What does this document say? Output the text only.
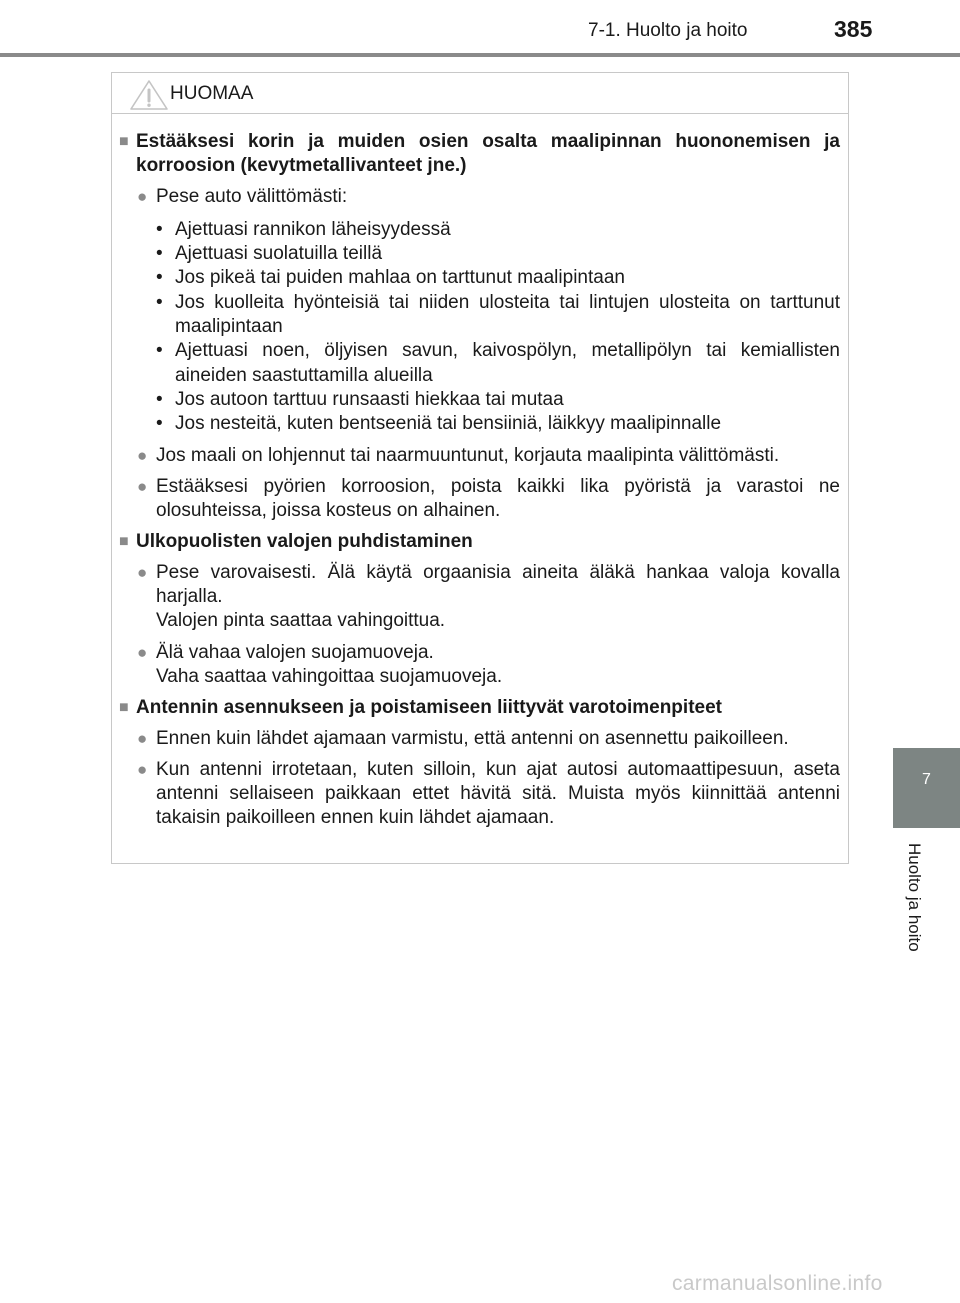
7-1. Huolto ja hoito	385
7
Huolto ja hoito
HUOMAA
■ Estääksesi korin ja muiden osien osalta maalipinnan huononemisen ja korroosion (kevytmetallivanteet jne.)
● Pese auto välittömästi:
• Ajettuasi rannikon läheisyydessä
• Ajettuasi suolatuilla teillä
• Jos pikeä tai puiden mahlaa on tarttunut maalipintaan
• Jos kuolleita hyönteisiä tai niiden ulosteita tai lintujen ulosteita on tarttunut maalipintaan
• Ajettuasi noen, öljyisen savun, kaivospölyn, metallipölyn tai kemiallisten aineiden saastuttamilla alueilla
• Jos autoon tarttuu runsaasti hiekkaa tai mutaa
• Jos nesteitä, kuten bentseeniä tai bensiiniä, läikkyy maalipinnalle
● Jos maali on lohjennut tai naarmuuntunut, korjauta maalipinta välittömästi.
● Estääksesi pyörien korroosion, poista kaikki lika pyöristä ja varastoi ne olosuhteissa, joissa kosteus on alhainen.
■ Ulkopuolisten valojen puhdistaminen
● Pese varovaisesti. Älä käytä orgaanisia aineita äläkä hankaa valoja kovalla harjalla.
Valojen pinta saattaa vahingoittua.
● Älä vahaa valojen suojamuoveja.
Vaha saattaa vahingoittaa suojamuoveja.
■ Antennin asennukseen ja poistamiseen liittyvät varotoimenpiteet
● Ennen kuin lähdet ajamaan varmistu, että antenni on asennettu paikoilleen.
● Kun antenni irrotetaan, kuten silloin, kun ajat autosi automaattipesuun, aseta antenni sellaiseen paikkaan ettet hävitä sitä. Muista myös kiinnittää antenni takaisin paikoilleen ennen kuin lähdet ajamaan.
carmanualsonline.info
